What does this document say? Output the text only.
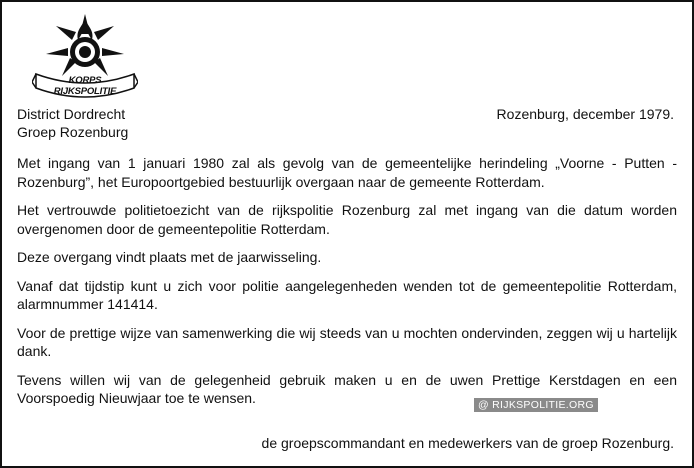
KORPS RIJKSPOLITIE
District Dordrecht
Groep Rozenburg
Rozenburg, december 1979.

Met ingang van 1 januari 1980 zal als gevolg van de gemeentelijke herindeling „Voorne - Putten - Rozenburg”, het Europoortgebied bestuurlijk overgaan naar de gemeente Rotterdam.

Het vertrouwde politietoezicht van de rijkspolitie Rozenburg zal met ingang van die datum worden overgenomen door de gemeentepolitie Rotterdam.

Deze overgang vindt plaats met de jaarwisseling.

Vanaf dat tijdstip kunt u zich voor politie aangelegenheden wenden tot de gemeentepolitie Rotterdam, alarmnummer 141414.

Voor de prettige wijze van samenwerking die wij steeds van u mochten ondervinden, zeggen wij u hartelijk dank.

Tevens willen wij van de gelegenheid gebruik maken u en de uwen Prettige Kerstdagen en een Voorspoedig Nieuwjaar toe te wensen.	@ RIJKSPOLITIE.ORG
de groepscommandant en medewerkers van de groep Rozenburg.
